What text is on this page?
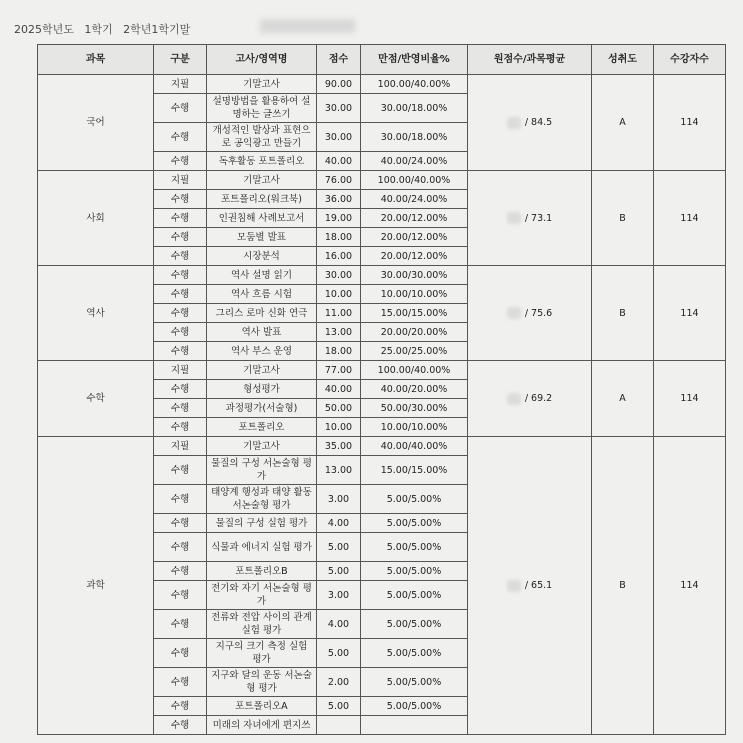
2025학년도   1학기   2학년1학기말
과목	구분	고사/영역명	점수	만점/반영비율%	원점수/과목평균	성취도	수강자수
국어	지필	기말고사	90.00	100.00/40.00%	/ 84.5	A	114
	수행	설명방법을 활용하여 설명하는 글쓰기	30.00	30.00/18.00%			
	수행	개성적인 발상과 표현으로 공익광고 만들기	30.00	30.00/18.00%			
	수행	독후활동 포트폴리오	40.00	40.00/24.00%			
사회	지필	기말고사	76.00	100.00/40.00%	/ 73.1	B	114
	수행	포트폴리오(워크북)	36.00	40.00/24.00%			
	수행	인권침해 사례보고서	19.00	20.00/12.00%			
	수행	모둠별 발표	18.00	20.00/12.00%			
	수행	시장분석	16.00	20.00/12.00%			
역사	수행	역사 설명 읽기	30.00	30.00/30.00%	/ 75.6	B	114
	수행	역사 흐름 시험	10.00	10.00/10.00%			
	수행	그리스 로마 신화 연극	11.00	15.00/15.00%			
	수행	역사 발표	13.00	20.00/20.00%			
	수행	역사 부스 운영	18.00	25.00/25.00%			
수학	지필	기말고사	77.00	100.00/40.00%	/ 69.2	A	114
	수행	형성평가	40.00	40.00/20.00%			
	수행	과정평가(서술형)	50.00	50.00/30.00%			
	수행	포트폴리오	10.00	10.00/10.00%			
과학	지필	기말고사	35.00	40.00/40.00%	/ 65.1	B	114
	수행	물질의 구성 서논술형 평가	13.00	15.00/15.00%			
	수행	태양계 행성과 태양 활동 서논술형 평가	3.00	5.00/5.00%			
	수행	물질의 구성 실험 평가	4.00	5.00/5.00%			
	수행	식물과 에너지 실험 평가	5.00	5.00/5.00%			
	수행	포트폴리오B	5.00	5.00/5.00%			
	수행	전기와 자기 서논술형 평가	3.00	5.00/5.00%			
	수행	전류와 전압 사이의 관계 실험 평가	4.00	5.00/5.00%			
	수행	지구의 크기 측정 실험 평가	5.00	5.00/5.00%			
	수행	지구와 달의 운동 서논술형 평가	2.00	5.00/5.00%			
	수행	포트폴리오A	5.00	5.00/5.00%			
	수행	미래의 자녀에게 편지쓰					
